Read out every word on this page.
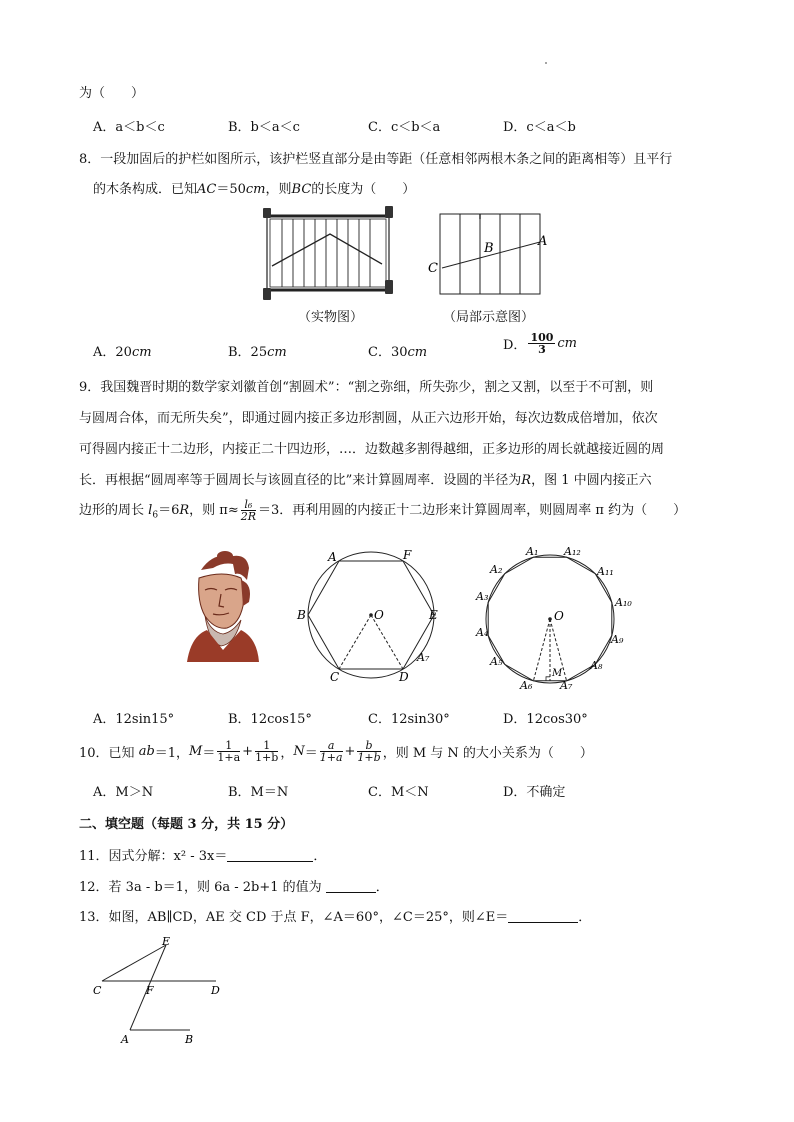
为（　　）
A．a＜b＜c	B．b＜a＜c	C．c＜b＜a	D．c＜a＜b
8．一段加固后的护栏如图所示，该护栏竖直部分是由等距（任意相邻两根木条之间的距离相等）且平行
的木条构成．已知AC＝50cm，则BC的长度为（　　）
（实物图）
C
B	A
（局部示意图）
A．20cm	B．25cm	C．30cm	D． $\frac{100}{3}$ cm
9．我国魏晋时期的数学家刘徽首创“割圆术”：“割之弥细，所失弥少，割之又割，以至于不可割，则
与圆周合体，而无所失矣”，即通过圆内接正多边形割圆，从正六边形开始，每次边数成倍增加，依次
可得圆内接正十二边形，内接正二十四边形，…．边数越多割得越细，正多边形的周长就越接近圆的周
长．再根据“圆周率等于圆周长与该圆直径的比”来计算圆周率．设圆的半径为R，图 1 中圆内接正六
边形的周长 $l_6=6R$，则 $\pi\approx \frac{\text{l₆}}{2R} =3$．再利用圆的内接正十二边形来计算圆周率，则圆周率 π 约为（　　）
A	F
B	O	E
A₇
C	D
A₁ A₁₂
A₂	A₁₁
A₃
O
A₁₀
A₄
A₉
A₅
M
A₈
A₆	A₇
A．12sin15°	B．12cos15°	C．12sin30°	D．12cos30°
10．已知 ab＝1，$M= \frac{1}{1+a} + \frac{1}{1+b}$ ，$N= \frac{a}{1+a} + \frac{b}{1+b}$ ，则 M 与 N 的大小关系为（　　）
A．M＞N	B．M＝N	C．M＜N	D．不确定
二、填空题（每题 3 分，共 15 分）
11．因式分解：x² - 3x＝	．
12．若 3a - b＝1，则 6a - 2b+1 的值为	．
13．如图，AB∥CD，AE 交 CD 于点 F，∠A＝60°，∠C＝25°，则∠E＝	．
E
C	F	D
A	B
